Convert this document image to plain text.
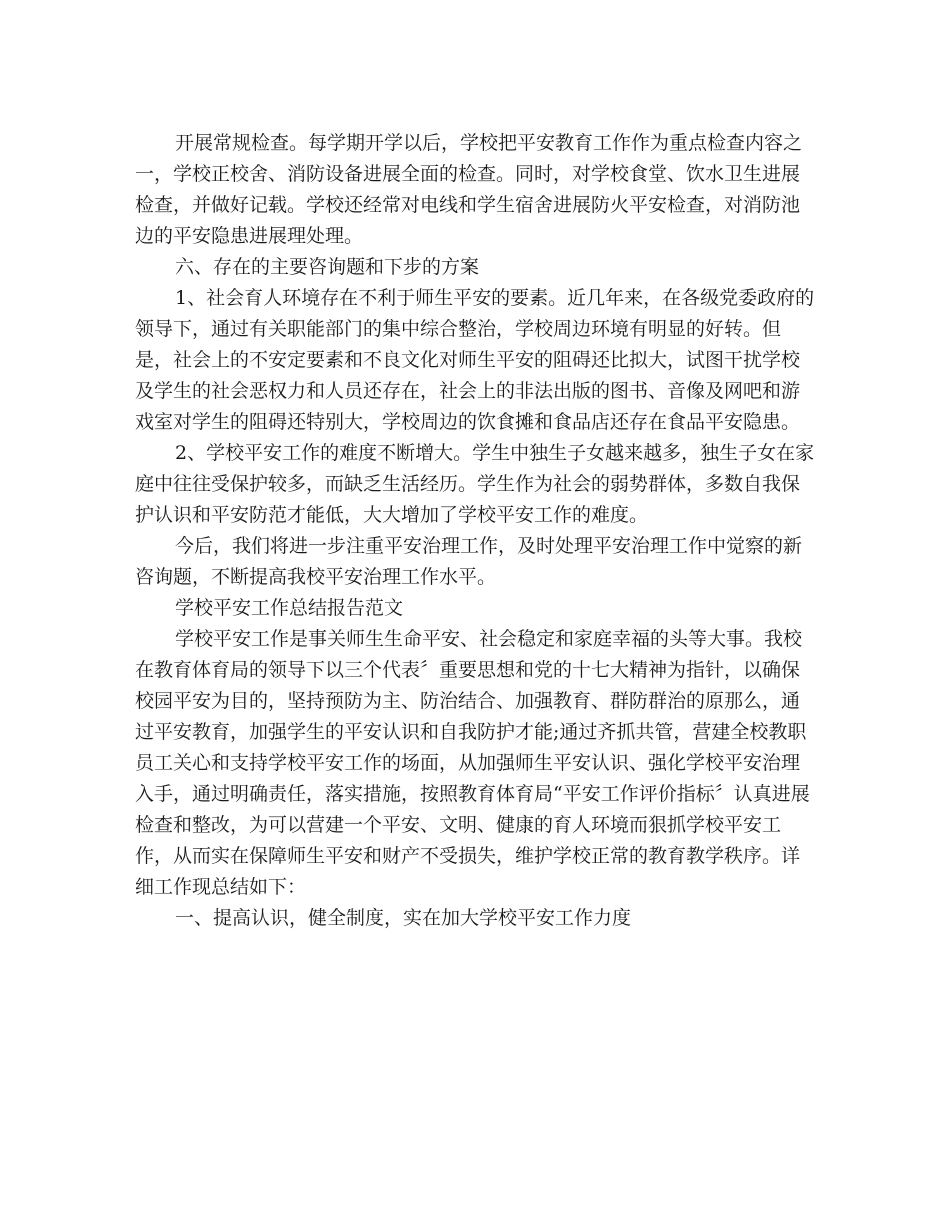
开展常规检查。每学期开学以后，学校把平安教育工作作为重点检查内容之
一，学校正校舍、消防设备进展全面的检查。同时，对学校食堂、饮水卫生进展
检查，并做好记载。学校还经常对电线和学生宿舍进展防火平安检查，对消防池
边的平安隐患进展理处理。
六、存在的主要咨询题和下步的方案
1、社会育人环境存在不利于师生平安的要素。近几年来，在各级党委政府的
领导下，通过有关职能部门的集中综合整治，学校周边环境有明显的好转。但
是，社会上的不安定要素和不良文化对师生平安的阻碍还比拟大，试图干扰学校
及学生的社会恶权力和人员还存在，社会上的非法出版的图书、音像及网吧和游
戏室对学生的阻碍还特别大，学校周边的饮食摊和食品店还存在食品平安隐患。
2、学校平安工作的难度不断增大。学生中独生子女越来越多，独生子女在家
庭中往往受保护较多，而缺乏生活经历。学生作为社会的弱势群体，多数自我保
护认识和平安防范才能低，大大增加了学校平安工作的难度。
今后，我们将进一步注重平安治理工作，及时处理平安治理工作中觉察的新
咨询题，不断提高我校平安治理工作水平。
学校平安工作总结报告范文
学校平安工作是事关师生生命平安、社会稳定和家庭幸福的头等大事。我校
在教育体育局的领导下以三个代表〞重要思想和党的十七大精神为指针，以确保
校园平安为目的，坚持预防为主、防治结合、加强教育、群防群治的原那么，通
过平安教育，加强学生的平安认识和自我防护才能;通过齐抓共管，营建全校教职
员工关心和支持学校平安工作的场面，从加强师生平安认识、强化学校平安治理
入手，通过明确责任，落实措施，按照教育体育局“平安工作评价指标〞认真进展
检查和整改，为可以营建一个平安、文明、健康的育人环境而狠抓学校平安工
作，从而实在保障师生平安和财产不受损失，维护学校正常的教育教学秩序。详
细工作现总结如下：
一、提高认识，健全制度，实在加大学校平安工作力度
